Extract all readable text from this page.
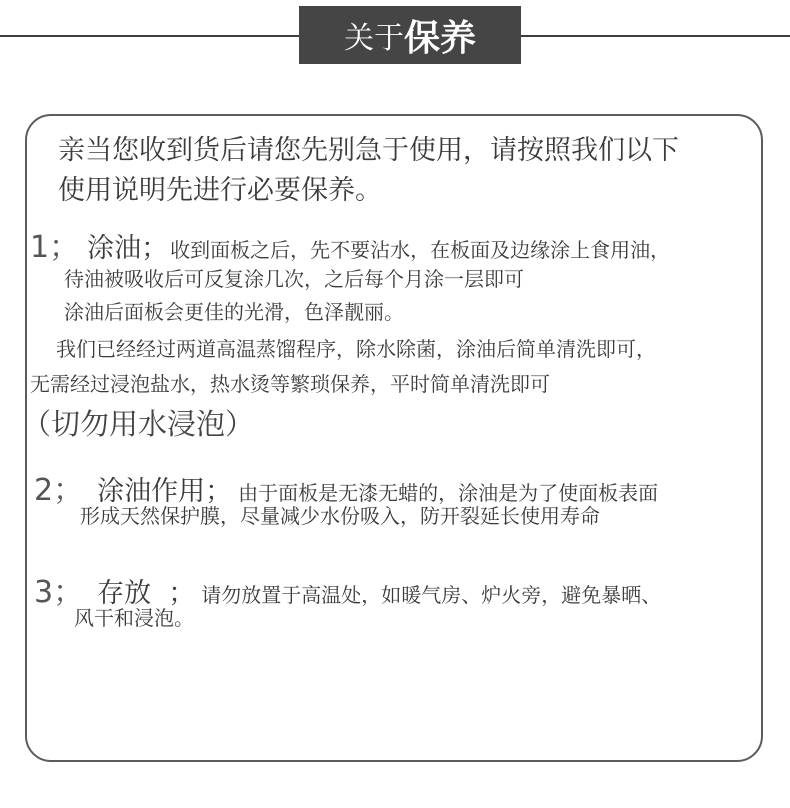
关于 保养
亲当您收到货后请您先别急于使用，请按照我们以下
使用说明先进行必要保养。
1； 涂油； 收到面板之后，先不要沾水，在板面及边缘涂上食用油，
待油被吸收后可反复涂几次，之后每个月涂一层即可
涂油后面板会更佳的光滑，色泽靓丽。
我们已经经过两道高温蒸馏程序，除水除菌，涂油后简单清洗即可，
无需经过浸泡盐水，热水烫等繁琐保养，平时简单清洗即可
（切勿用水浸泡）
2； 涂油作用； 由于面板是无漆无蜡的，涂油是为了使面板表面
形成天然保护膜，尽量减少水份吸入，防开裂延长使用寿命
3； 存放  ； 请勿放置于高温处，如暖气房、炉火旁，避免暴晒、
风干和浸泡。
